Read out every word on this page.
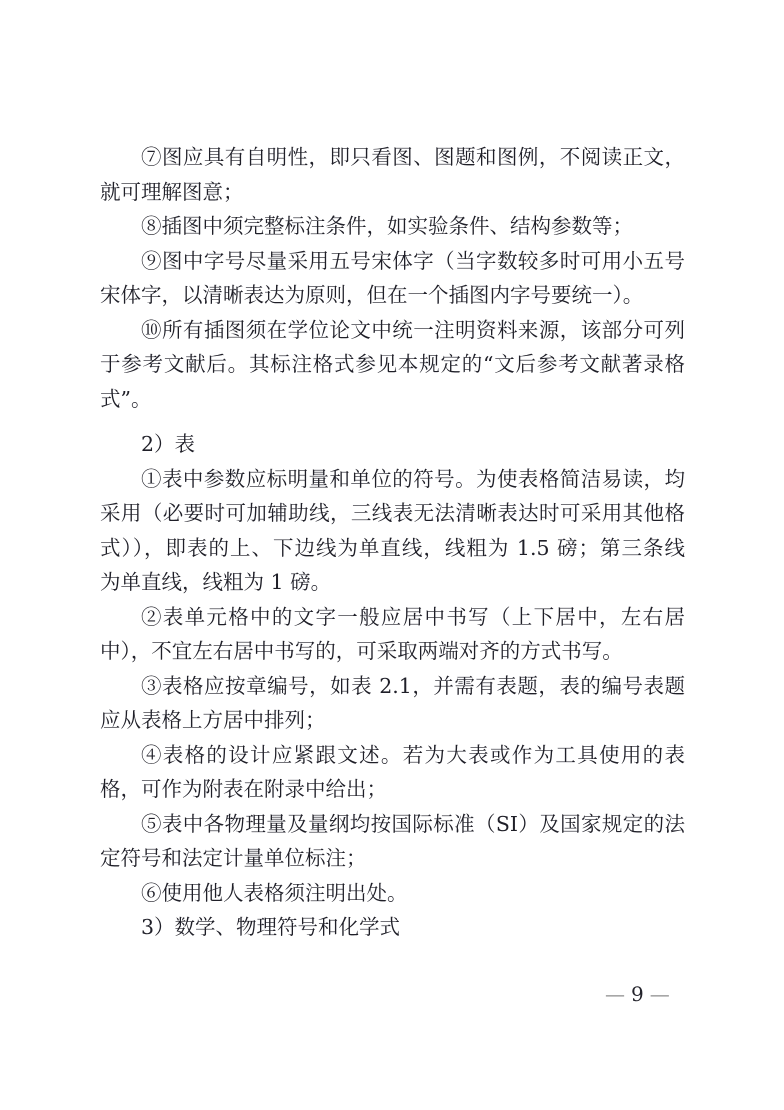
⑦图应具有自明性，即只看图、图题和图例，不阅读正文，
就可理解图意；
⑧插图中须完整标注条件，如实验条件、结构参数等；
⑨图中字号尽量采用五号宋体字（当字数较多时可用小五号
宋体字，以清晰表达为原则，但在一个插图内字号要统一）。
⑩所有插图须在学位论文中统一注明资料来源，该部分可列
于参考文献后。其标注格式参见本规定的“文后参考文献著录格
式”。
2）表
①表中参数应标明量和单位的符号。为使表格简洁易读，均
采用（必要时可加辅助线，三线表无法清晰表达时可采用其他格
式）），即表的上、下边线为单直线，线粗为 1.5 磅；第三条线
为单直线，线粗为 1 磅。
②表单元格中的文字一般应居中书写（上下居中，左右居
中），不宜左右居中书写的，可采取两端对齐的方式书写。
③表格应按章编号，如表 2.1，并需有表题，表的编号表题
应从表格上方居中排列；
④表格的设计应紧跟文述。若为大表或作为工具使用的表
格，可作为附表在附录中给出；
⑤表中各物理量及量纲均按国际标准（SI）及国家规定的法
定符号和法定计量单位标注；
⑥使用他人表格须注明出处。
3）数学、物理符号和化学式
— 9 —
